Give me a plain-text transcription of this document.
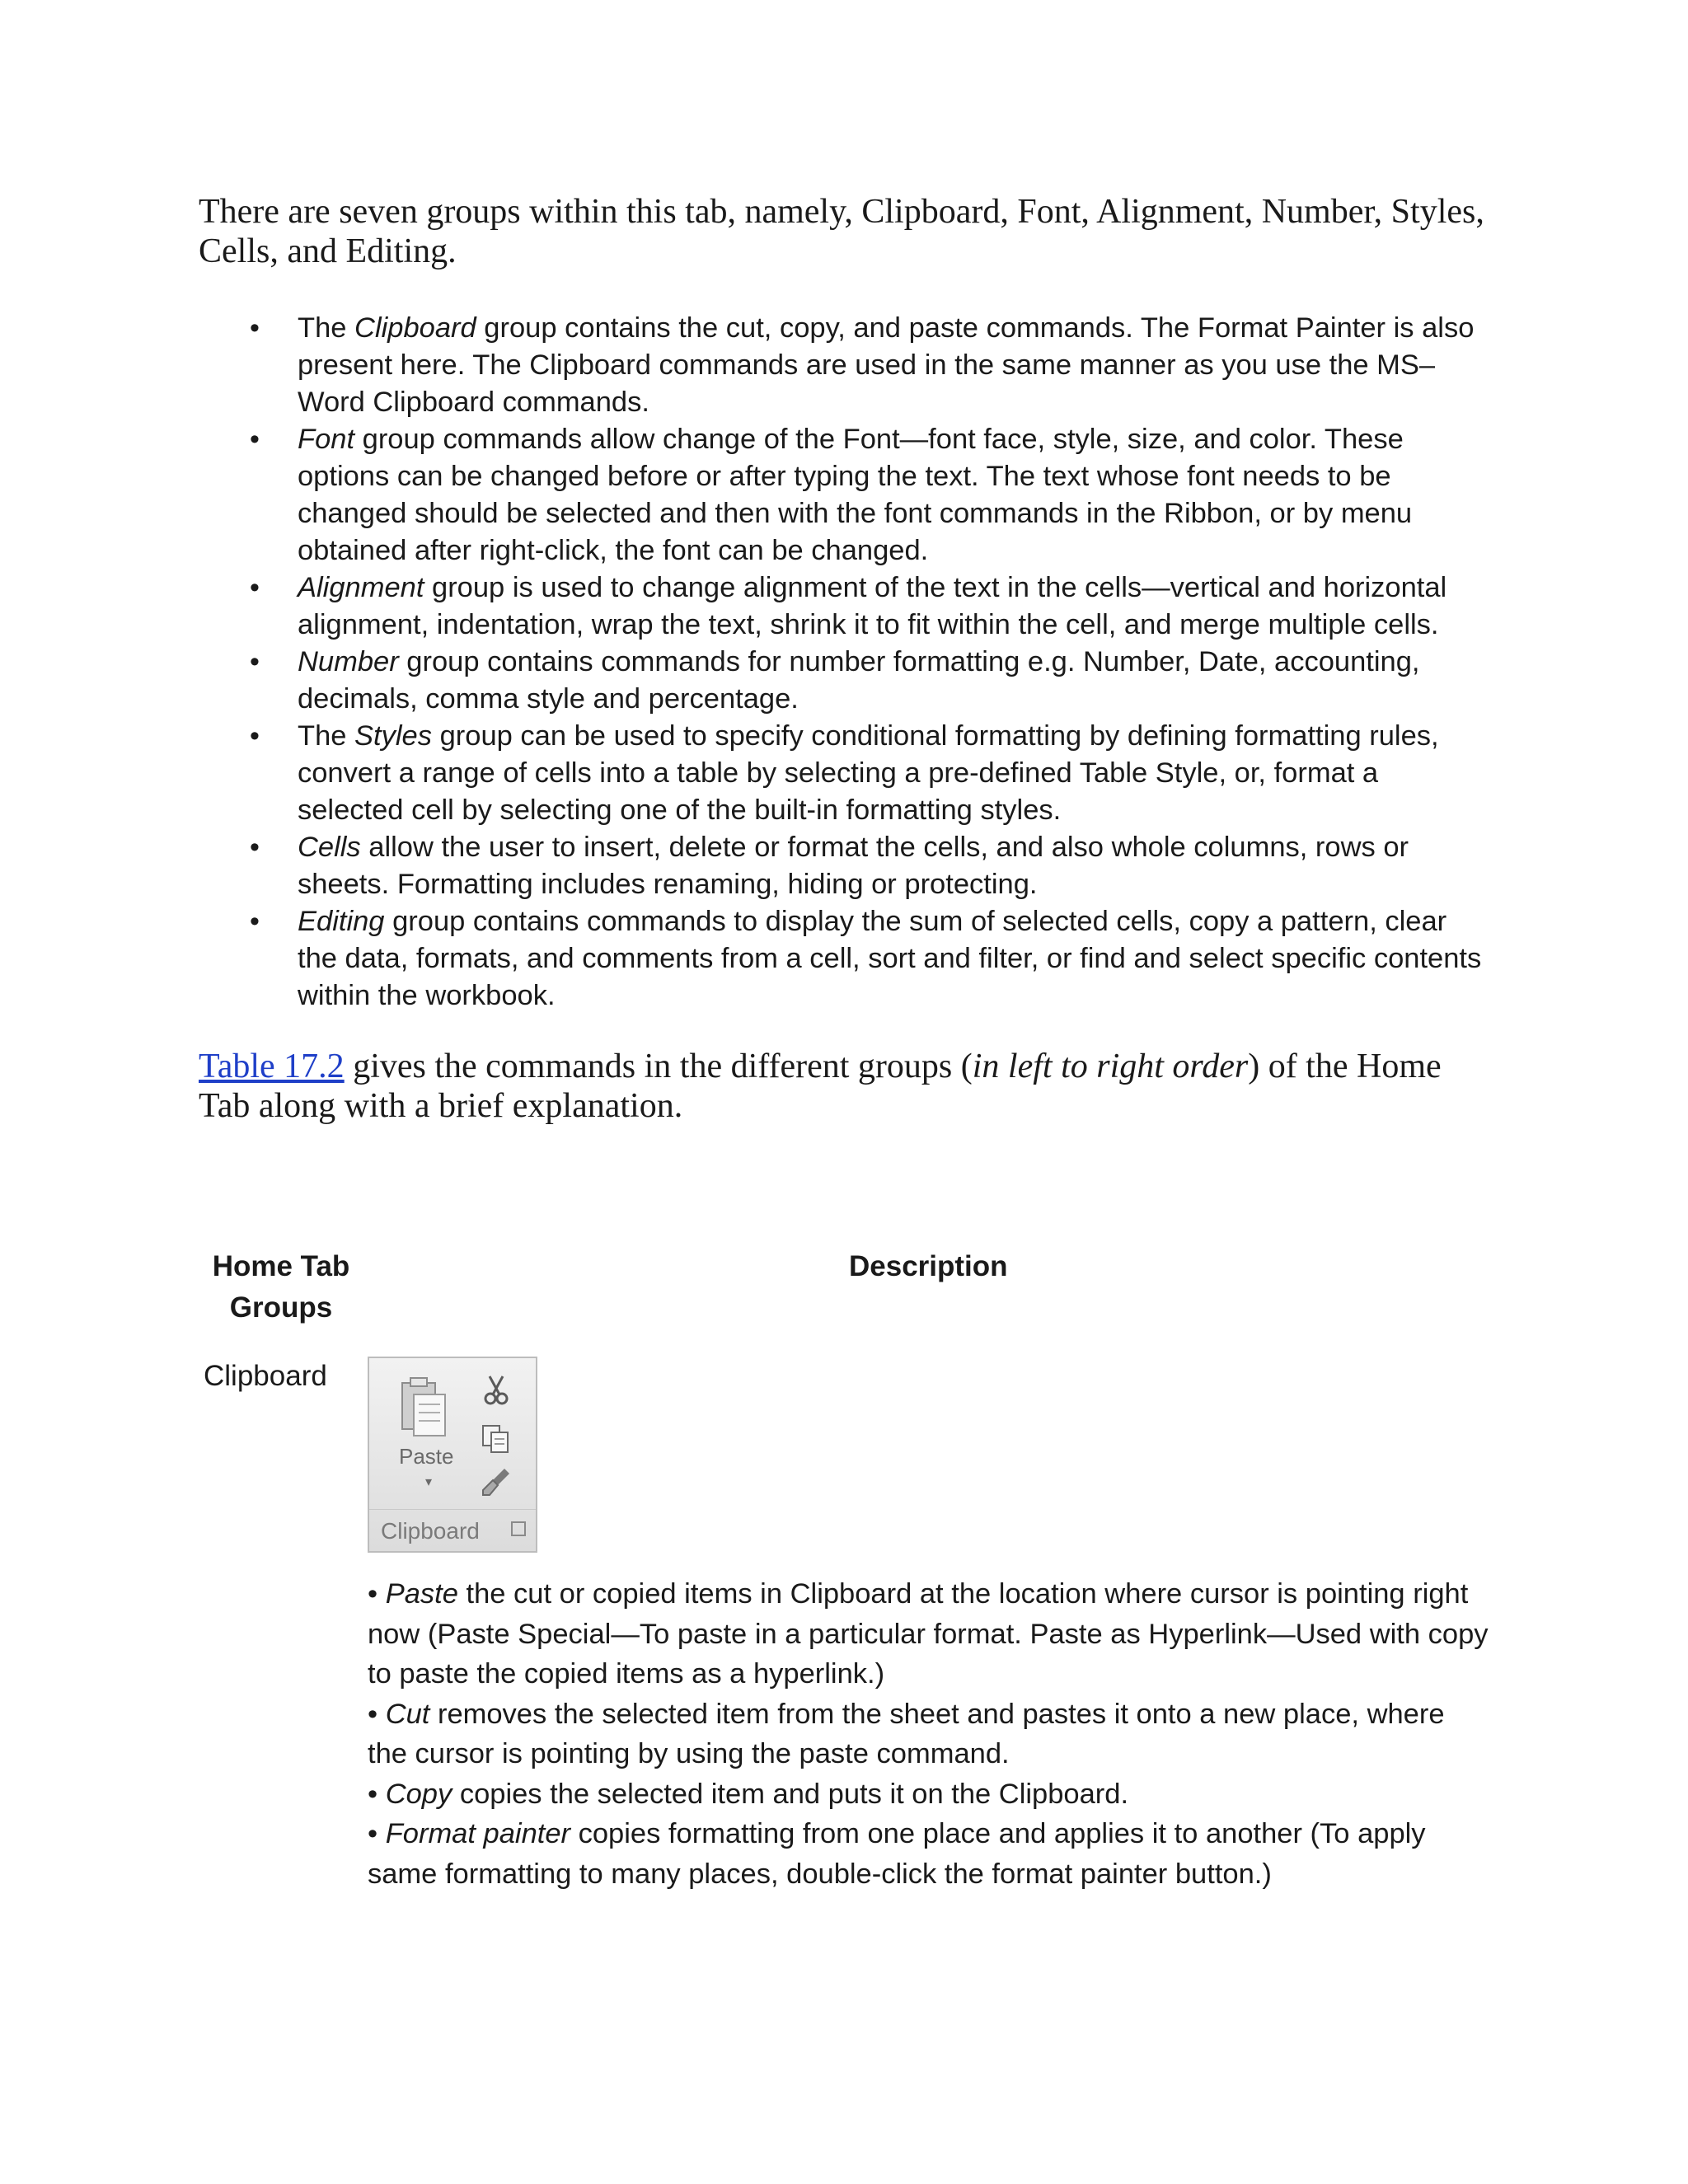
There are seven groups within this tab, namely, Clipboard, Font, Alignment, Number, Styles, Cells, and Editing.
• The Clipboard group contains the cut, copy, and paste commands. The Format Painter is also present here. The Clipboard commands are used in the same manner as you use the MS–Word Clipboard commands.
• Font group commands allow change of the Font—font face, style, size, and color. These options can be changed before or after typing the text. The text whose font needs to be changed should be selected and then with the font commands in the Ribbon, or by menu obtained after right-click, the font can be changed.
• Alignment group is used to change alignment of the text in the cells—vertical and horizontal alignment, indentation, wrap the text, shrink it to fit within the cell, and merge multiple cells.
• Number group contains commands for number formatting e.g. Number, Date, accounting, decimals, comma style and percentage.
• The Styles group can be used to specify conditional formatting by defining formatting rules, convert a range of cells into a table by selecting a pre-defined Table Style, or, format a selected cell by selecting one of the built-in formatting styles.
• Cells allow the user to insert, delete or format the cells, and also whole columns, rows or sheets. Formatting includes renaming, hiding or protecting.
• Editing group contains commands to display the sum of selected cells, copy a pattern, clear the data, formats, and comments from a cell, sort and filter, or find and select specific contents within the workbook.
Table 17.2 gives the commands in the different groups (in left to right order) of the Home Tab along with a brief explanation.
Home Tab Groups
Description
Clipboard
Paste
▾
Clipboard

• Paste the cut or copied items in Clipboard at the location where cursor is pointing right now (Paste Special—To paste in a particular format. Paste as Hyperlink—Used with copy to paste the copied items as a hyperlink.)

• Cut removes the selected item from the sheet and pastes it onto a new place, where the cursor is pointing by using the paste command.

• Copy copies the selected item and puts it on the Clipboard.

• Format painter copies formatting from one place and applies it to another (To apply same formatting to many places, double-click the format painter button.)
